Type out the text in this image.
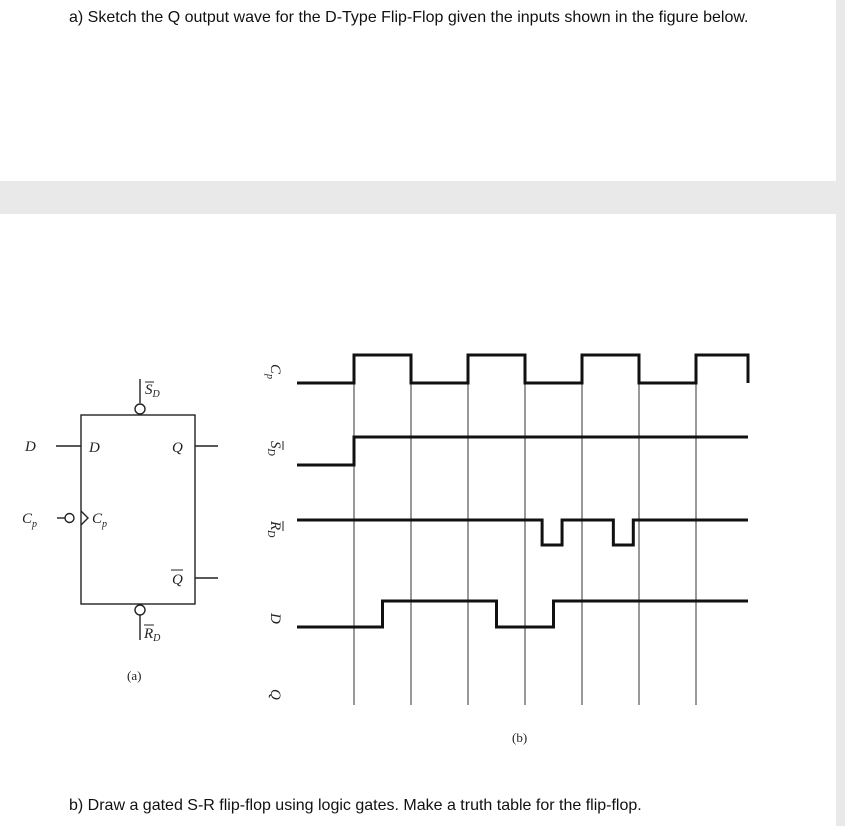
a) Sketch the Q output wave for the D-Type Flip-Flop given the inputs shown in the figure below.

D
$C_p$
D
$C_p$
Q
Q
SD
RD
(a)
$C_p$
SD
RD
D
Q
(b)

b) Draw a gated S-R flip-flop using logic gates. Make a truth table for the flip-flop.
